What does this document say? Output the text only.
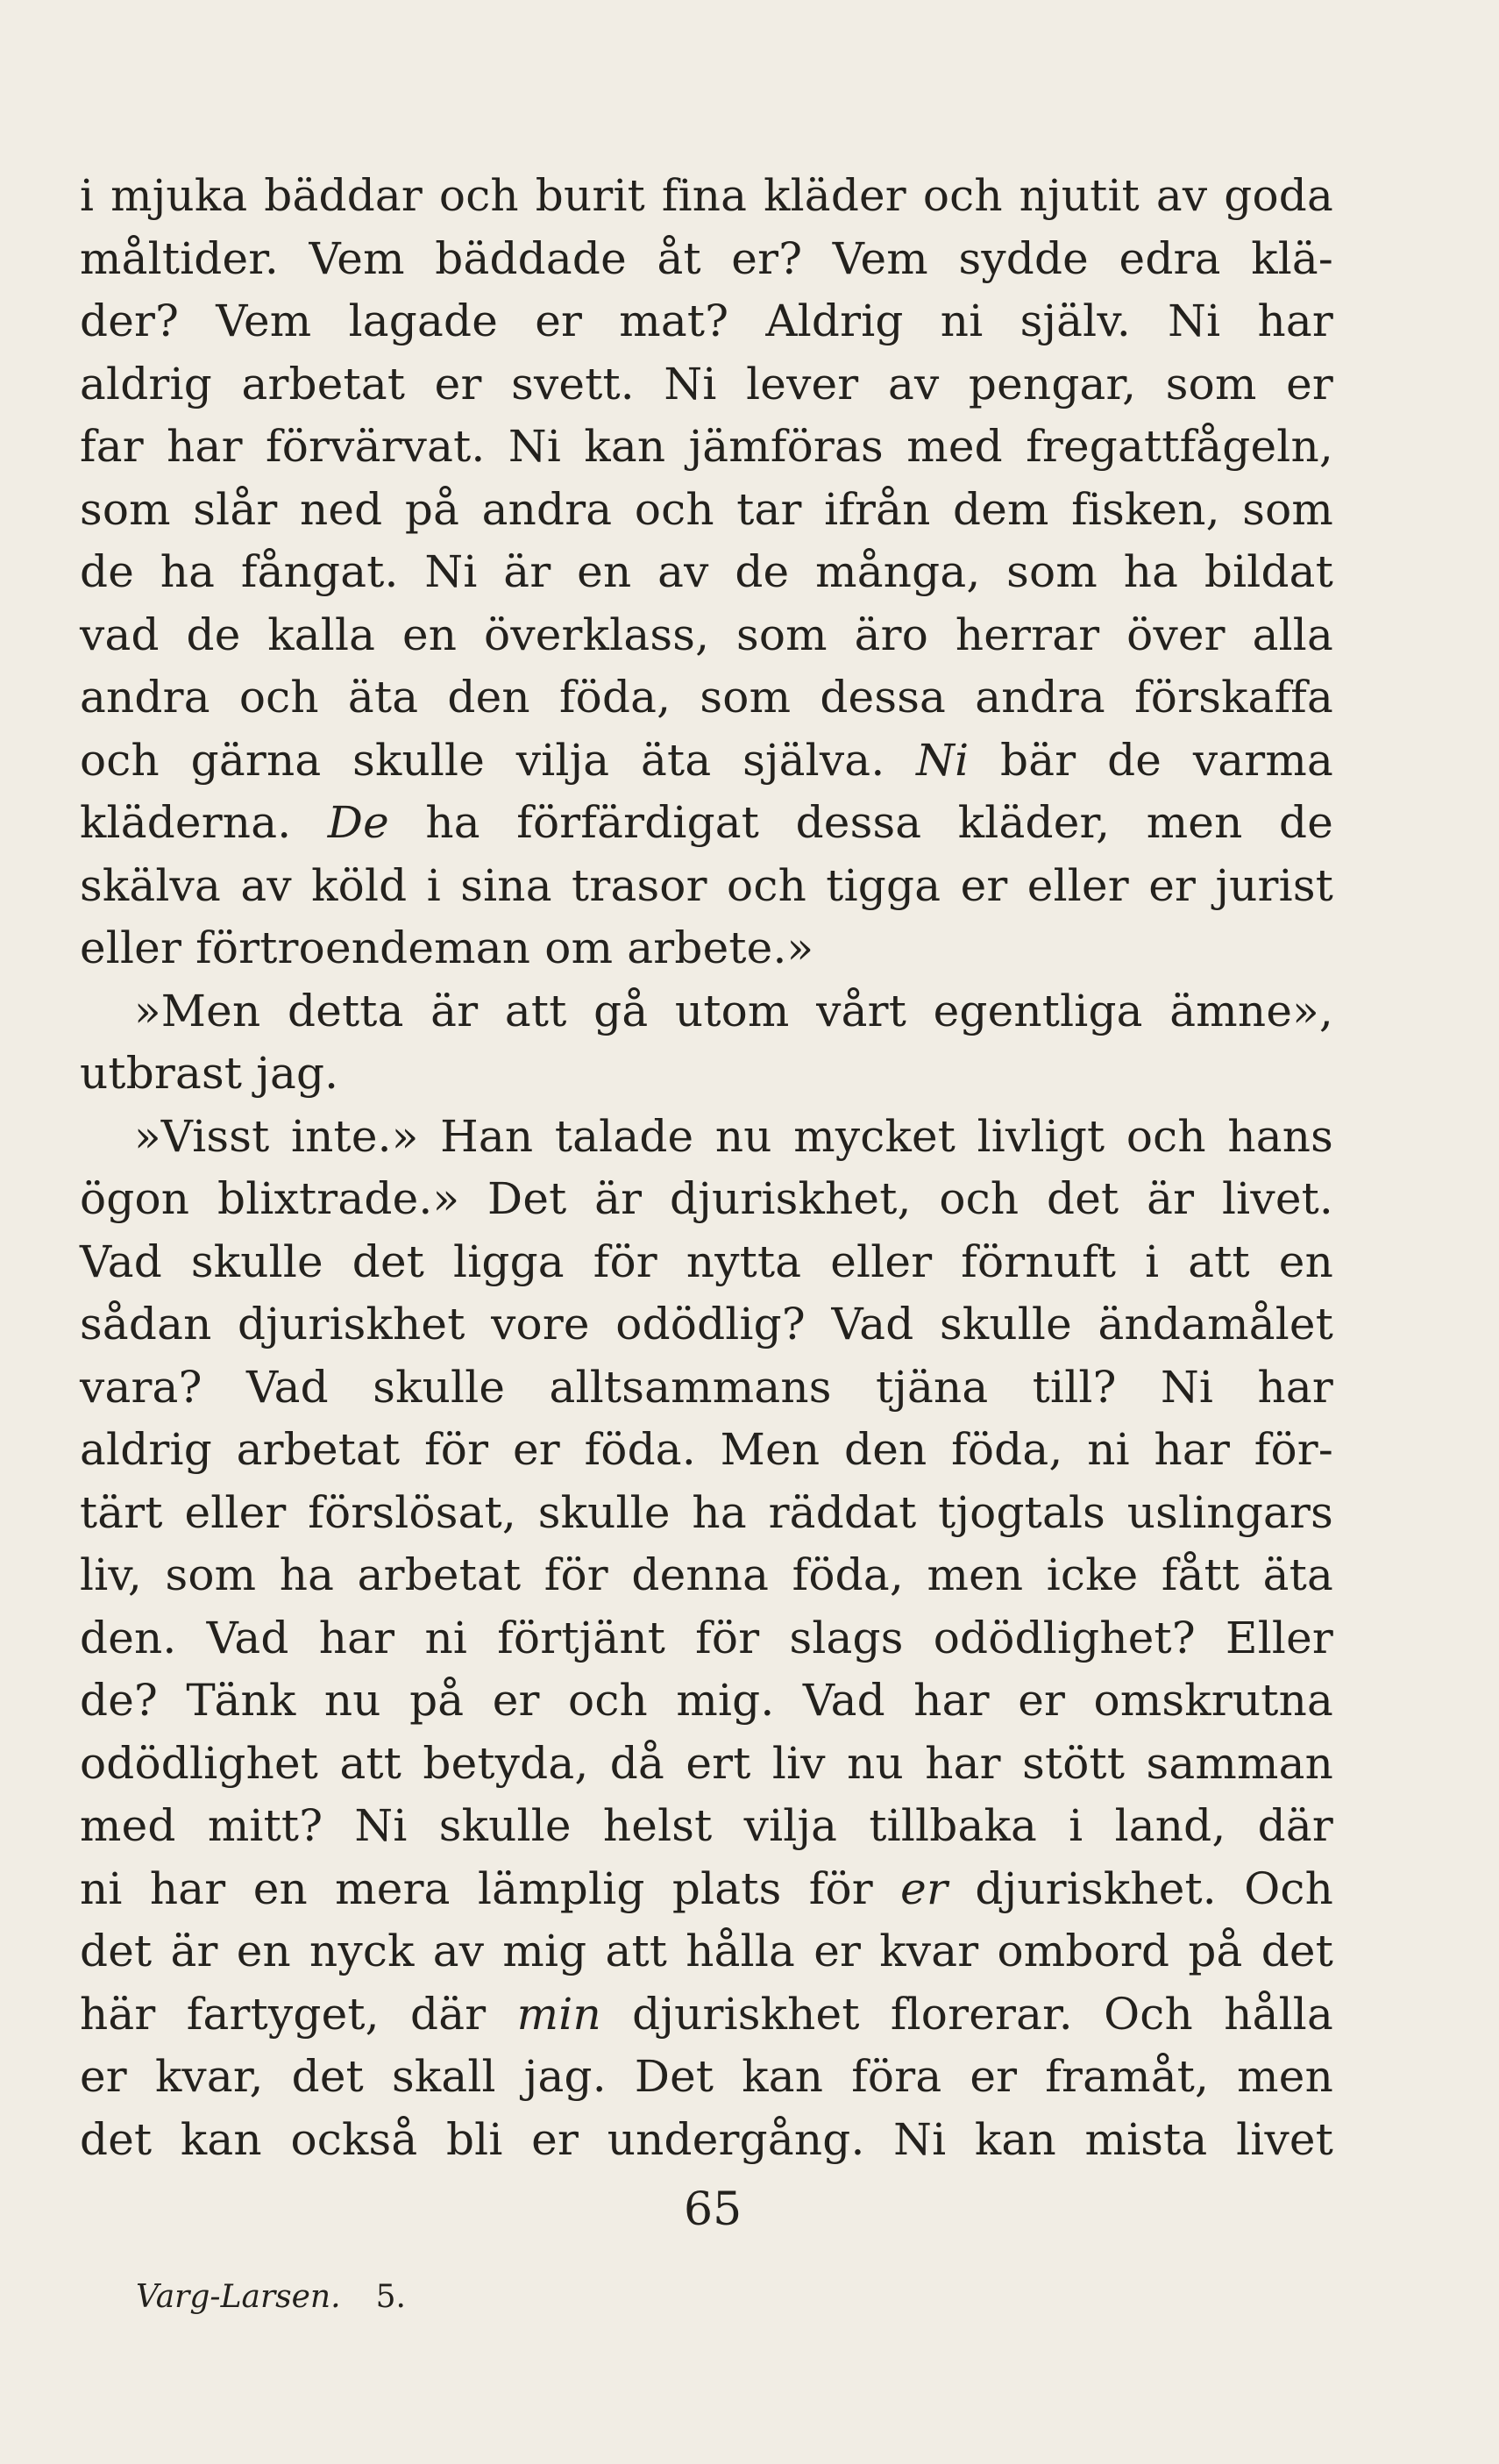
i mjuka bäddar och burit fina kläder och njutit av goda
måltider. Vem bäddade åt er? Vem sydde edra klä-
der? Vem lagade er mat? Aldrig ni själv. Ni har
aldrig arbetat er svett. Ni lever av pengar, som er
far har förvärvat. Ni kan jämföras med fregattfågeln,
som slår ned på andra och tar ifrån dem fisken, som
de ha fångat. Ni är en av de många, som ha bildat
vad de kalla en överklass, som äro herrar över alla
andra och äta den föda, som dessa andra förskaffa
och gärna skulle vilja äta själva. Ni bär de varma
kläderna. De ha förfärdigat dessa kläder, men de
skälva av köld i sina trasor och tigga er eller er jurist
eller förtroendeman om arbete.»
»Men detta är att gå utom vårt egentliga ämne»,
utbrast jag.
»Visst inte.» Han talade nu mycket livligt och hans
ögon blixtrade.» Det är djuriskhet, och det är livet.
Vad skulle det ligga för nytta eller förnuft i att en
sådan djuriskhet vore odödlig? Vad skulle ändamålet
vara? Vad skulle alltsammans tjäna till? Ni har
aldrig arbetat för er föda. Men den föda, ni har för-
tärt eller förslösat, skulle ha räddat tjogtals uslingars
liv, som ha arbetat för denna föda, men icke fått äta
den. Vad har ni förtjänt för slags odödlighet? Eller
de? Tänk nu på er och mig. Vad har er omskrutna
odödlighet att betyda, då ert liv nu har stött samman
med mitt? Ni skulle helst vilja tillbaka i land, där
ni har en mera lämplig plats för er djuriskhet. Och
det är en nyck av mig att hålla er kvar ombord på det
här fartyget, där min djuriskhet florerar. Och hålla
er kvar, det skall jag. Det kan föra er framåt, men
det kan också bli er undergång. Ni kan mista livet
65
Varg-Larsen. 5.
